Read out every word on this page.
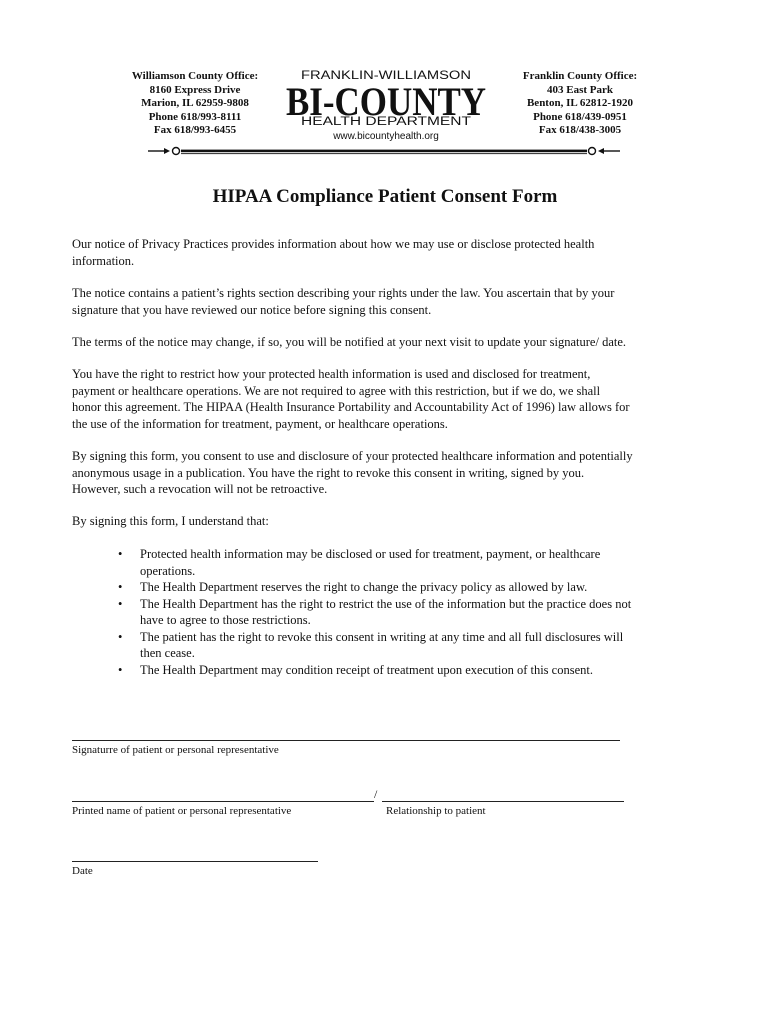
Williamson County Office:
8160 Express Drive
Marion, IL 62959-9808
Phone 618/993-8111
Fax 618/993-6455
FRANKLIN-WILLIAMSON
BI-COUNTY
HEALTH DEPARTMENT
www.bicountyhealth.org
Franklin County Office:
403 East Park
Benton, IL 62812-1920
Phone 618/439-0951
Fax 618/438-3005
HIPAA Compliance Patient Consent Form
Our notice of Privacy Practices provides information about how we may use or disclose protected health
information.
The notice contains a patient’s rights section describing your rights under the law. You ascertain that by your
signature that you have reviewed our notice before signing this consent.
The terms of the notice may change, if so, you will be notified at your next visit to update your signature/ date.
You have the right to restrict how your protected health information is used and disclosed for treatment,
payment or healthcare operations. We are not required to agree with this restriction, but if we do, we shall
honor this agreement. The HIPAA (Health Insurance Portability and Accountability Act of 1996) law allows for
the use of the information for treatment, payment, or healthcare operations.
By signing this form, you consent to use and disclosure of your protected healthcare information and potentially
anonymous usage in a publication. You have the right to revoke this consent in writing, signed by you.
However, such a revocation will not be retroactive.
By signing this form, I understand that:
• Protected health information may be disclosed or used for treatment, payment, or healthcare
operations.
• The Health Department reserves the right to change the privacy policy as allowed by law.
• The Health Department has the right to restrict the use of the information but the practice does not
have to agree to those restrictions.
• The patient has the right to revoke this consent in writing at any time and all full disclosures will
then cease.
• The Health Department may condition receipt of treatment upon execution of this consent.
Signaturre of patient or personal representative
/
Printed name of patient or personal representative	Relationship to patient
Date
